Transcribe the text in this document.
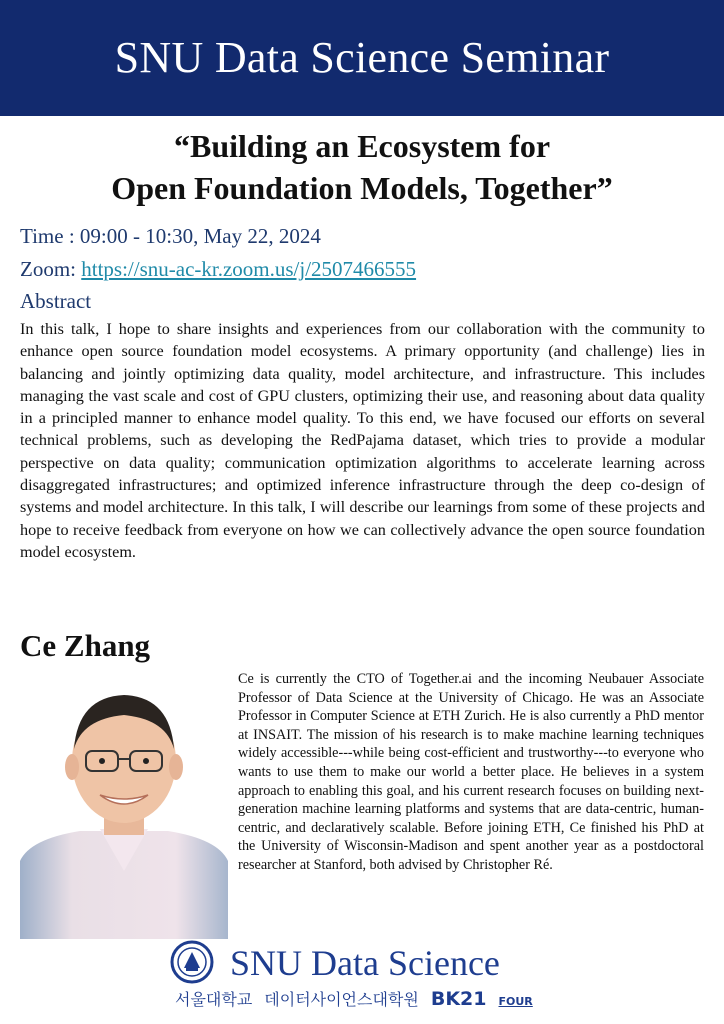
SNU Data Science Seminar
“Building an Ecosystem for
Open Foundation Models, Together”
Time : 09:00 - 10:30, May 22, 2024
Zoom: https://snu-ac-kr.zoom.us/j/2507466555
Abstract
In this talk, I hope to share insights and experiences from our collaboration with the community to enhance open source foundation model ecosystems. A primary opportunity (and challenge) lies in balancing and jointly optimizing data quality, model architecture, and infrastructure. This includes managing the vast scale and cost of GPU clusters, optimizing their use, and reasoning about data quality in a principled manner to enhance model quality. To this end, we have focused our efforts on several technical problems, such as developing the RedPajama dataset, which tries to provide a modular perspective on data quality; communication optimization algorithms to accelerate learning across disaggregated infrastructures; and optimized inference infrastructure through the deep co-design of systems and model architecture. In this talk, I will describe our learnings from some of these projects and hope to receive feedback from everyone on how we can collectively advance the open source foundation model ecosystem.
Ce Zhang
Ce is currently the CTO of Together.ai and the incoming Neubauer Associate Professor of Data Science at the University of Chicago. He was an Associate Professor in Computer Science at ETH Zurich. He is also currently a PhD mentor at INSAIT. The mission of his research is to make machine learning techniques widely accessible---while being cost-efficient and trustworthy---to everyone who wants to use them to make our world a better place. He believes in a system approach to enabling this goal, and his current research focuses on building next-generation machine learning platforms and systems that are data-centric, human-centric, and declaratively scalable. Before joining ETH, Ce finished his PhD at the University of Wisconsin-Madison and spent another year as a postdoctoral researcher at Stanford, both advised by Christopher Ré.
SNU Data Science
서울대학교 데이터사이언스대학원 BK21 FOUR
